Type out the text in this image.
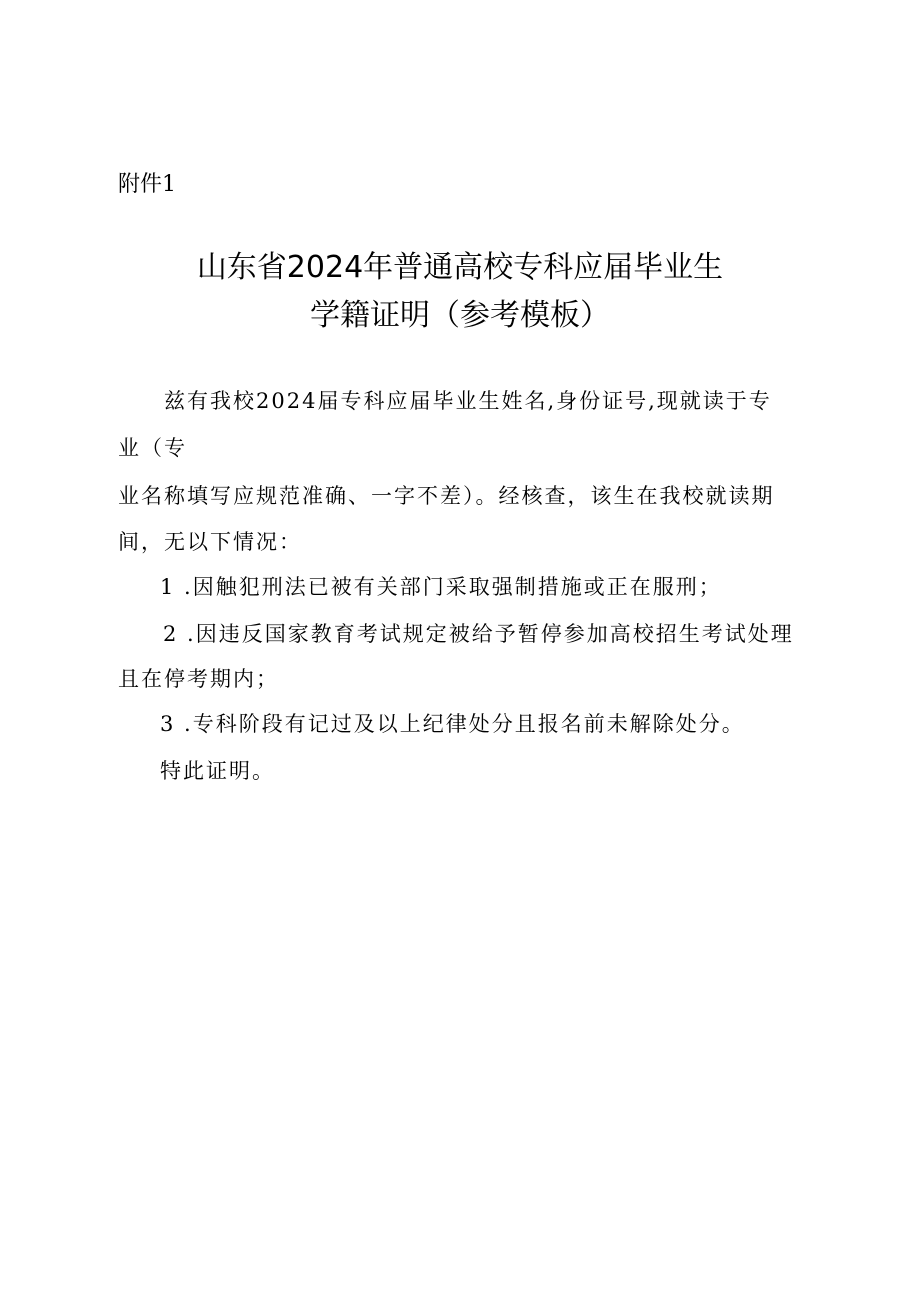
附件1
山东省2024年普通高校专科应届毕业生
学籍证明（参考模板）
兹有我校2024届专科应届毕业生姓名,身份证号,现就读于专
业（专
业名称填写应规范准确、一字不差）。经核查，该生在我校就读期
间，无以下情况：
1 .因触犯刑法已被有关部门采取强制措施或正在服刑；
2 .因违反国家教育考试规定被给予暂停参加高校招生考试处理
且在停考期内；
3 .专科阶段有记过及以上纪律处分且报名前未解除处分。
特此证明。
